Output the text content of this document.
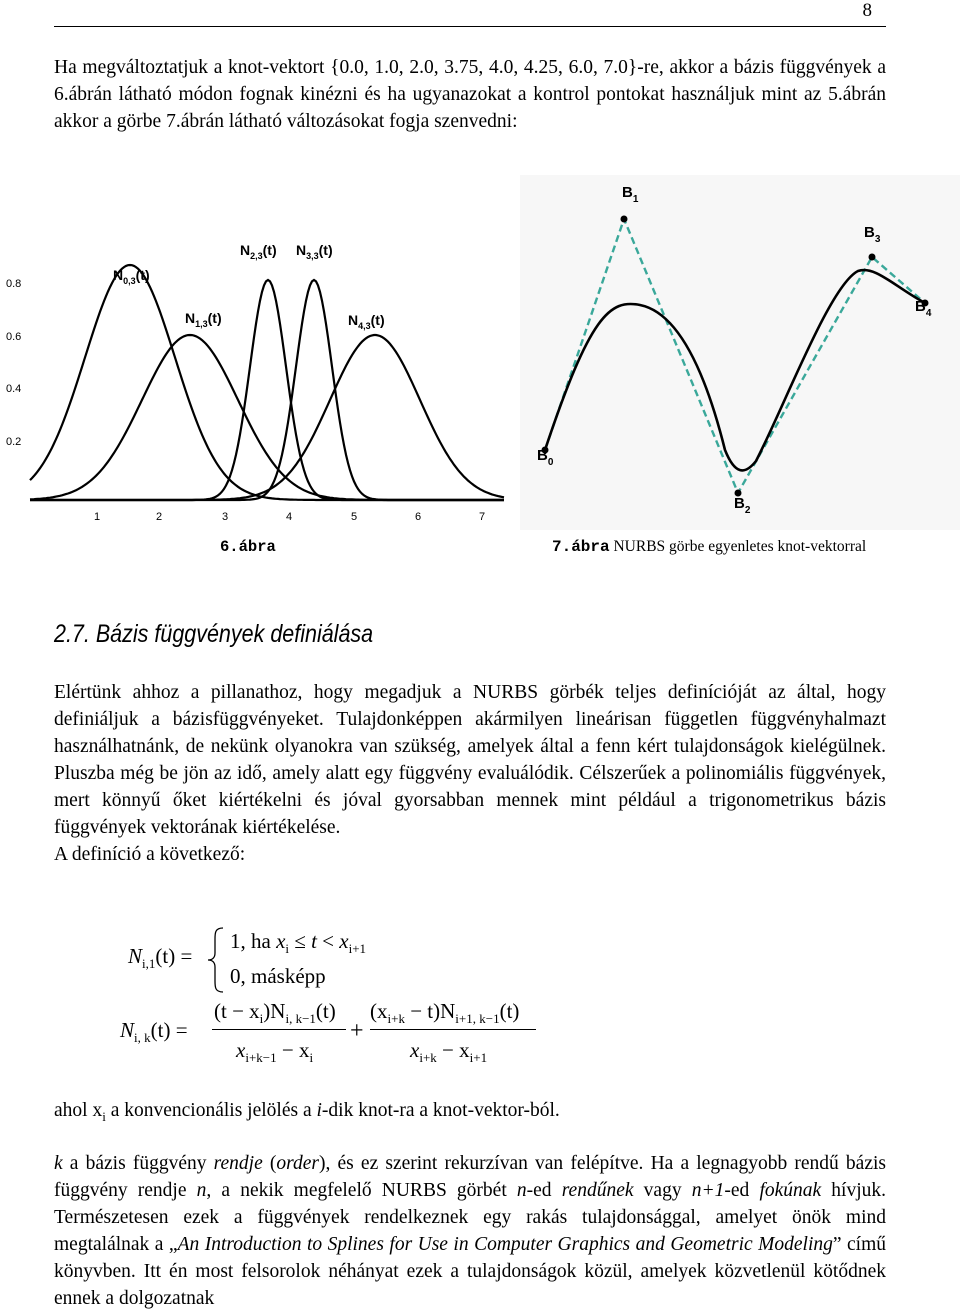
8

Ha megváltoztatjuk a knot-vektort {0.0, 1.0, 2.0, 3.75, 4.0, 4.25, 6.0, 7.0}-re, akkor a bázis függvények a 6.ábrán látható módon fognak kinézni és ha ugyanazokat a kontrol pontokat használjuk mint az 5.ábrán akkor a görbe 7.ábrán látható változásokat fogja szenvedni:

0.8
0.6
0.4
0.2
1	2	3	4	5	6	7
$N_{0,3}(t)$
$N_{1,3}(t)$
$N_{2,3}(t)$ $N_{3,3}(t)$
$N_{4,3}(t)$
6.ábra
$B_0$
$B_1$
$B_2$
$B_3$
$B_4$
7.ábra NURBS görbe egyenletes knot-vektorral
2.7. Bázis függvények definiálása

Elértünk ahhoz a pillanathoz, hogy megadjuk a NURBS görbék teljes definícióját az által, hogy definiáljuk a bázisfüggvényeket. Tulajdonképpen akármilyen lineárisan független függvényhalmazt használhatnánk, de nekünk olyanokra van szükség, amelyek által a fenn kért tulajdonságok kielégülnek. Pluszba még be jön az idő, amely alatt egy függvény evaluálódik. Célszerűek a polinomiális függvények, mert könnyű őket kiértékelni és jóval gyorsabban mennek mint például a trigonometrikus bázis függvények vektorának kiértékelése.

A definíció a következő:

$N_{i,1}(t)$ =
1, ha $x_i \le t < x_{i+1}$
0, másképp
$N_{i, k}(t)$ =
$(t - x_i)N_{i, k-1}(t)$
$x_{i+k-1} - x_i$
+
$(x_{i+k} - t)N_{i+1, k-1}(t)$
$x_{i+k} - x_{i+1}$

ahol $x_i$ a konvencionális jelölés a i-dik knot-ra a knot-vektor-ból.

k a bázis függvény rendje (order), és ez szerint rekurzívan van felépítve. Ha a legnagyobb rendű bázis függvény rendje n, a nekik megfelelő NURBS görbét n-ed rendűnek vagy n+1-ed fokúnak hívjuk. Természetesen ezek a függvények rendelkeznek egy rakás tulajdonsággal, amelyet önök mind megtalálnak a „An Introduction to Splines for Use in Computer Graphics and Geometric Modeling” című könyvben. Itt én most felsorolok néhányat ezek a tulajdonságok közül, amelyek közvetlenül kötődnek ennek a dolgozatnak
